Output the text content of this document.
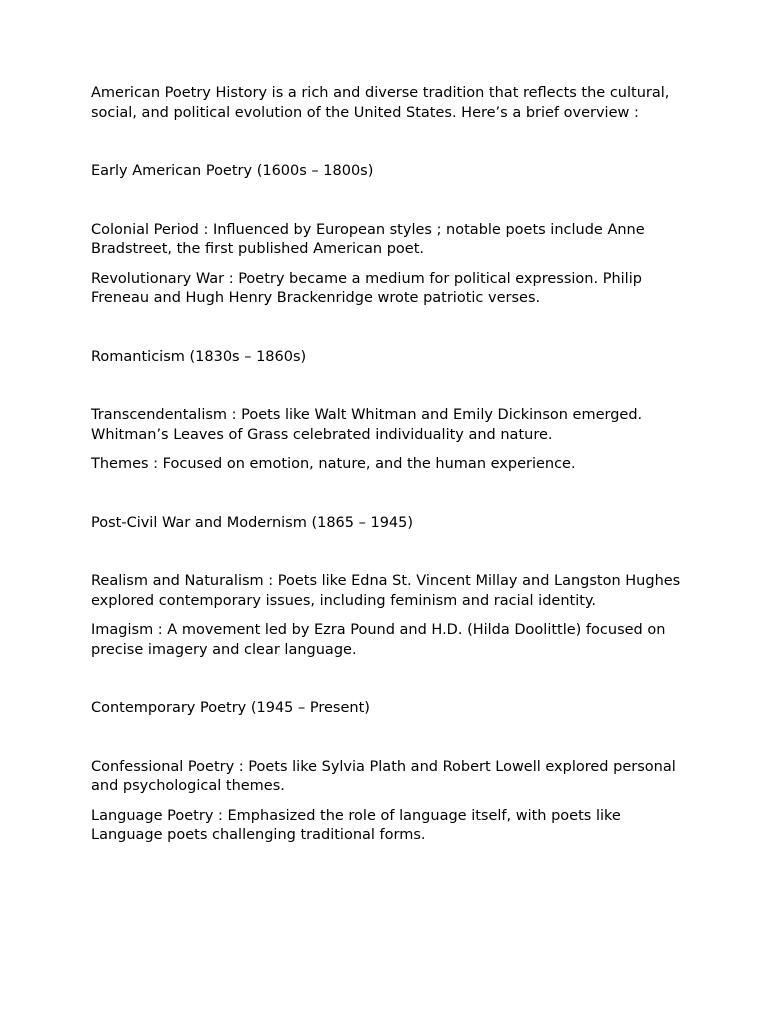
American Poetry History is a rich and diverse tradition that reflects the cultural, social, and political evolution of the United States. Here’s a brief overview :

Early American Poetry (1600s – 1800s)

Colonial Period : Influenced by European styles ; notable poets include Anne Bradstreet, the first published American poet.

Revolutionary War : Poetry became a medium for political expression. Philip Freneau and Hugh Henry Brackenridge wrote patriotic verses.

Romanticism (1830s – 1860s)

Transcendentalism : Poets like Walt Whitman and Emily Dickinson emerged. Whitman’s Leaves of Grass celebrated individuality and nature.

Themes : Focused on emotion, nature, and the human experience.

Post-Civil War and Modernism (1865 – 1945)

Realism and Naturalism : Poets like Edna St. Vincent Millay and Langston Hughes explored contemporary issues, including feminism and racial identity.

Imagism : A movement led by Ezra Pound and H.D. (Hilda Doolittle) focused on precise imagery and clear language.

Contemporary Poetry (1945 – Present)

Confessional Poetry : Poets like Sylvia Plath and Robert Lowell explored personal and psychological themes.

Language Poetry : Emphasized the role of language itself, with poets like Language poets challenging traditional forms.
